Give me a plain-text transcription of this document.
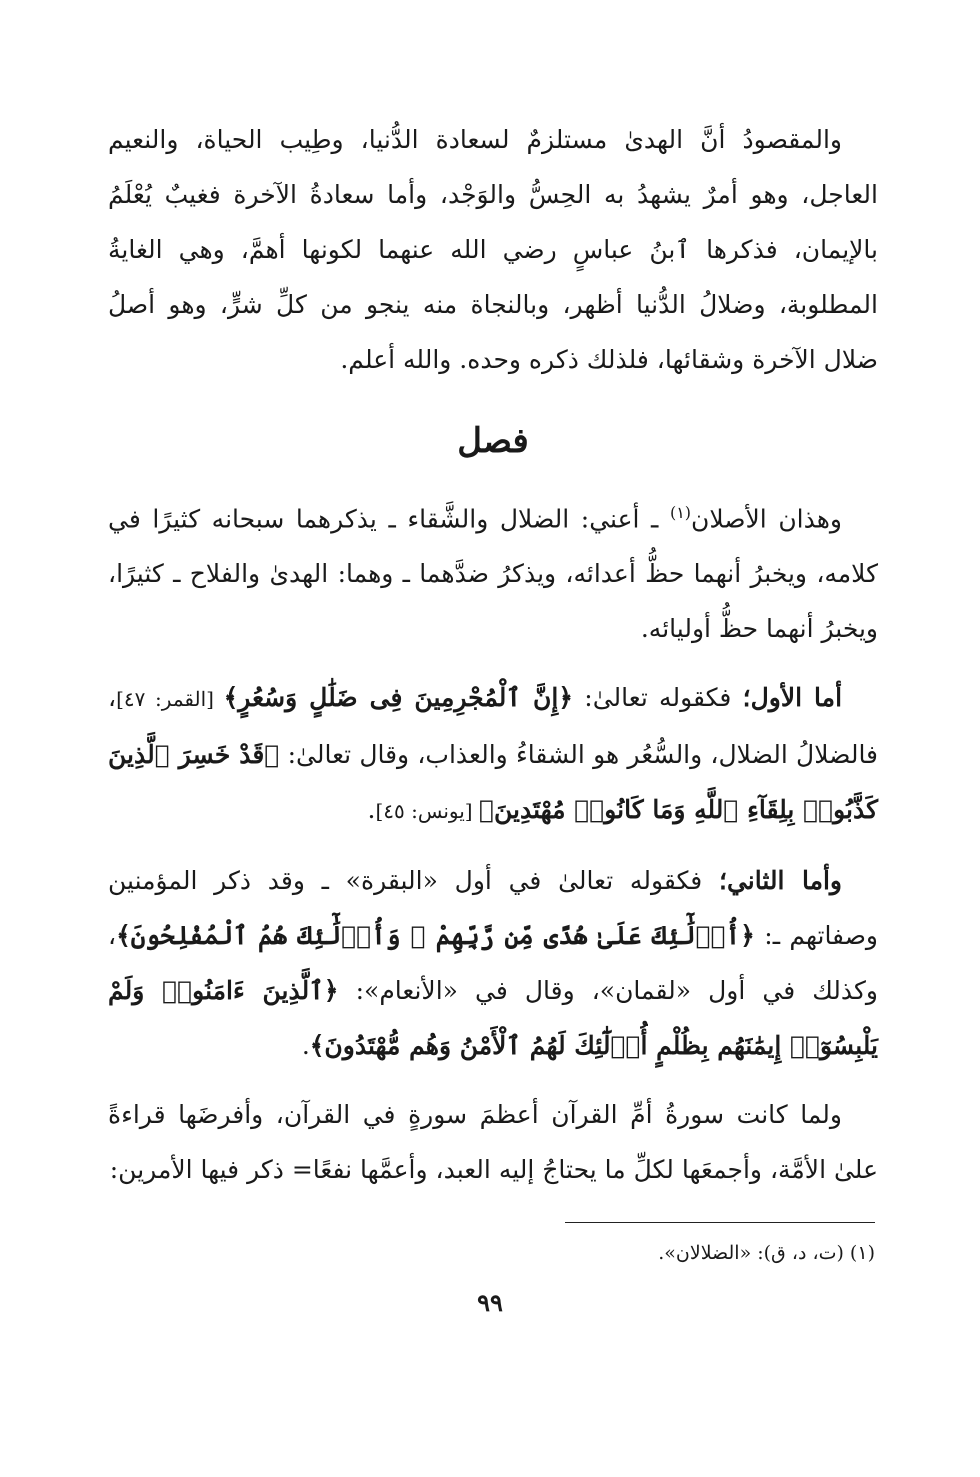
والمقصودُ أنَّ الهدىٰ مستلزمٌ لسعادة الدُّنيا، وطِيب الحياة، والنعيم العاجل، وهو أمرٌ يشهدُ به الحِسُّ والوَجْد، وأما سعادةُ الآخرة فغيبٌ يُعْلَمُ بالإيمان، فذكرها ٱبنُ عباسٍ رضي الله عنهما لكونها أهمَّ، وهي الغايةُ المطلوبة، وضلالُ الدُّنيا أظهر، وبالنجاة منه ينجو من كلِّ شرٍّ، وهو أصلُ ضلال الآخرة وشقائها، فلذلك ذكره وحده. والله أعلم.

فصل

وهذان الأصلان$^{(١)}$ ـ أعني: الضلال والشَّقاء ـ يذكرهما سبحانه كثيرًا في كلامه، ويخبرُ أنهما حظُّ أعدائه، ويذكرُ ضدَّهما ـ وهما: الهدىٰ والفلاح ـ كثيرًا، ويخبرُ أنهما حظُّ أوليائه.

أما الأول؛ فكقوله تعالىٰ: ﴿إِنَّ ٱلْمُجْرِمِينَ فِى ضَلَٰلٍ وَسُعُرٍ﴾ [القمر: ٤٧]، فالضلالُ الضلال، والسُّعُر هو الشقاءُ والعذاب، وقال تعالىٰ: ﴿قَدْ خَسِرَ ٱلَّذِينَ كَذَّبُوا۟ بِلِقَآءِ ٱللَّهِ وَمَا كَانُوا۟ مُهْتَدِينَ﴾ [يونس: ٤٥].

وأما الثاني؛ فكقوله تعالىٰ في أول «البقرة» ـ وقد ذكر المؤمنين وصفاتهم ـ: ﴿أُو۟لَٰٓئِكَ عَلَىٰ هُدًى مِّن رَّبِّهِمْ ۖ وَأُو۟لَٰٓئِكَ هُمُ ٱلْمُفْلِحُونَ﴾، وكذلك في أول «لقمان»، وقال في «الأنعام»: ﴿ٱلَّذِينَ ءَامَنُوا۟ وَلَمْ يَلْبِسُوٓا۟ إِيمَٰنَهُم بِظُلْمٍ أُو۟لَٰٓئِكَ لَهُمُ ٱلْأَمْنُ وَهُم مُّهْتَدُونَ﴾.

ولما كانت سورةُ أمِّ القرآن أعظمَ سورةٍ في القرآن، وأفرضَها قراءةً علىٰ الأمَّة، وأجمعَها لكلِّ ما يحتاجُ إليه العبد، وأعمَّها نفعًا= ذكر فيها الأمرين:

(١) (ت، د، ق): «الضلالان».
٩٩
